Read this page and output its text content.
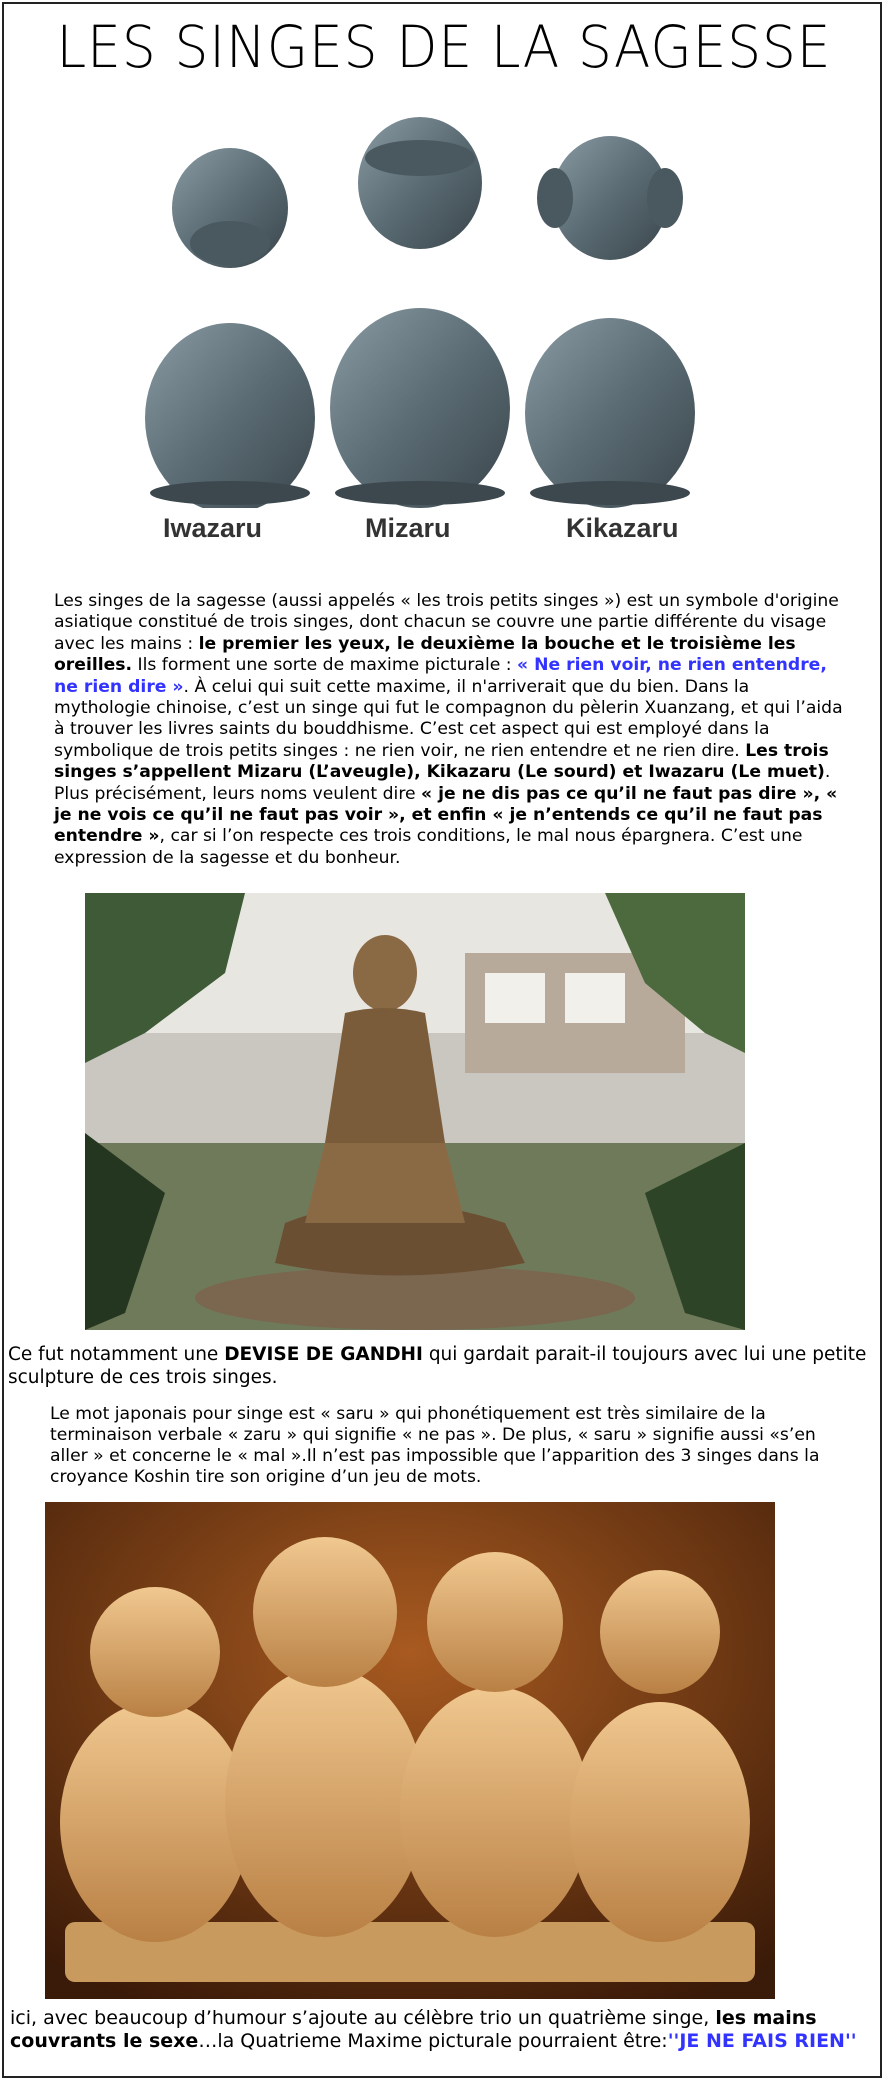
LES SINGES DE LA SAGESSE
Iwazaru	Mizaru	Kikazaru
Les singes de la sagesse (aussi appelés « les trois petits singes ») est un symbole d'origine asiatique constitué de trois singes, dont chacun se couvre une partie différente du visage avec les mains : le premier les yeux, le deuxième la bouche et le troisième les oreilles. Ils forment une sorte de maxime picturale : « Ne rien voir, ne rien entendre, ne rien dire ». À celui qui suit cette maxime, il n'arriverait que du bien. Dans la mythologie chinoise, c’est un singe qui fut le compagnon du pèlerin Xuanzang, et qui l’aida à trouver les livres saints du bouddhisme. C’est cet aspect qui est employé dans la symbolique de trois petits singes : ne rien voir, ne rien entendre et ne rien dire. Les trois singes s’appellent Mizaru (L’aveugle), Kikazaru (Le sourd) et Iwazaru (Le muet). Plus précisément, leurs noms veulent dire « je ne dis pas ce qu’il ne faut pas dire », « je ne vois ce qu’il ne faut pas voir », et enfin « je n’entends ce qu’il ne faut pas entendre », car si l’on respecte ces trois conditions, le mal nous épargnera. C’est une expression de la sagesse et du bonheur.
Ce fut notamment une DEVISE DE GANDHI qui gardait parait-il toujours avec lui une petite sculpture de ces trois singes.
Le mot japonais pour singe est « saru » qui phonétiquement est très similaire de la terminaison verbale « zaru » qui signifie « ne pas ». De plus, « saru » signifie aussi «s’en aller » et concerne le « mal ».Il n’est pas impossible que l’apparition des 3 singes dans la croyance Koshin tire son origine d’un jeu de mots.
ici, avec beaucoup d’humour s’ajoute au célèbre trio un quatrième singe, les mains couvrants le sexe…la Quatrieme Maxime picturale pourraient être:''JE NE FAIS RIEN''
